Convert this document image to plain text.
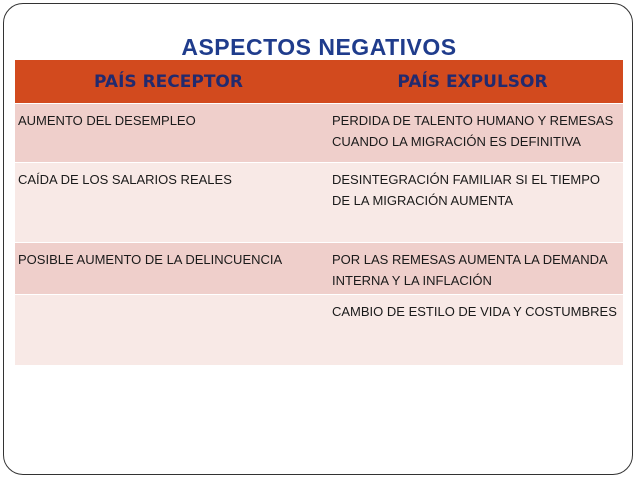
ASPECTOS NEGATIVOS
PAÍS RECEPTOR	PAÍS EXPULSOR
AUMENTO DEL DESEMPLEO	PERDIDA DE TALENTO HUMANO Y REMESAS
CUANDO LA MIGRACIÓN ES DEFINITIVA

CAÍDA DE LOS SALARIOS REALES	DESINTEGRACIÓN FAMILIAR SI EL TIEMPO
DE LA MIGRACIÓN AUMENTA

POSIBLE AUMENTO DE LA DELINCUENCIA	POR LAS REMESAS AUMENTA LA DEMANDA
INTERNA Y LA INFLACIÓN

	CAMBIO DE ESTILO DE VIDA Y COSTUMBRES
